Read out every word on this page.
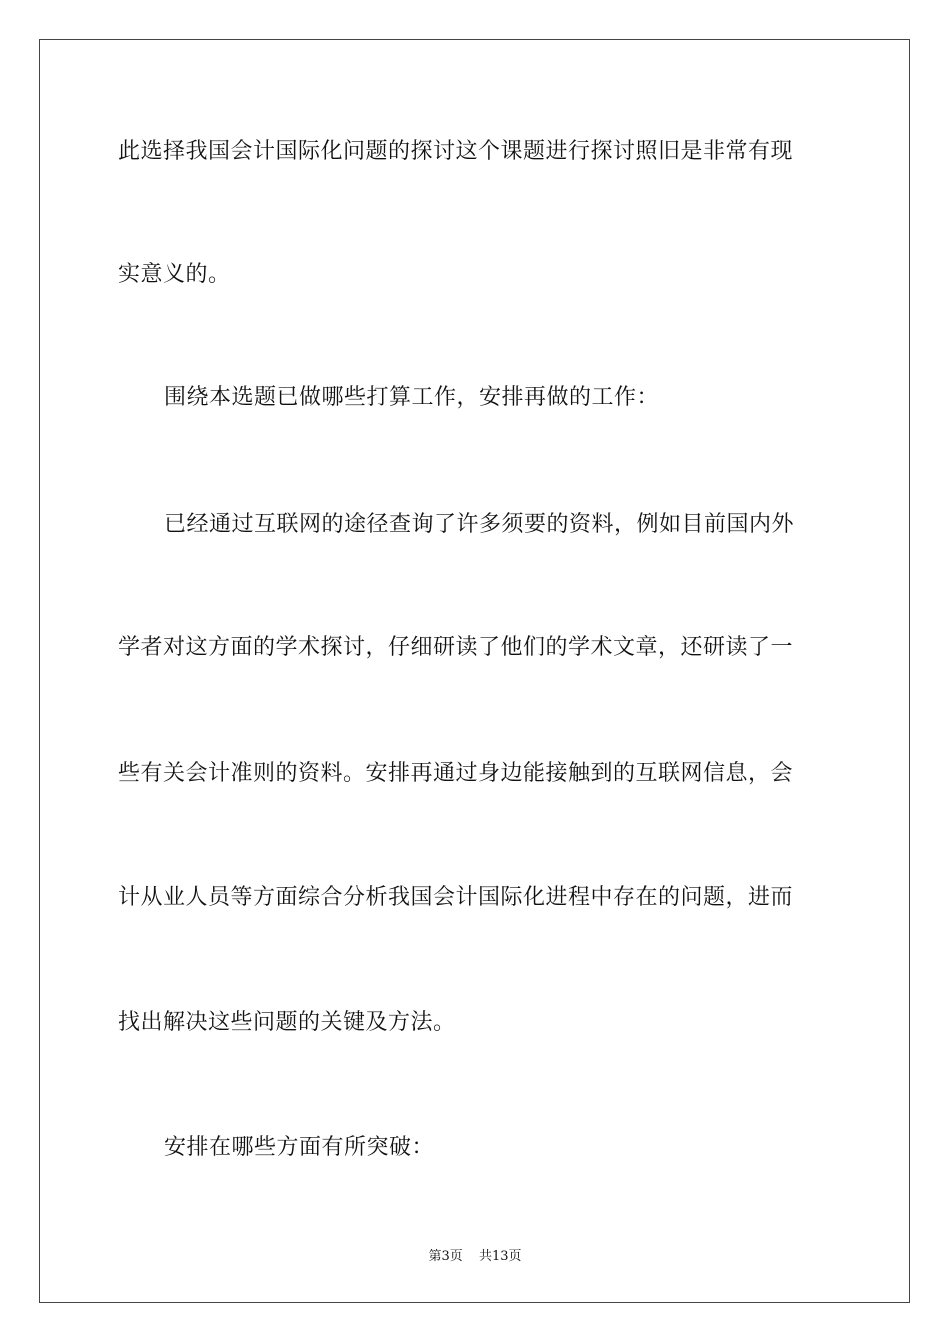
此选择我国会计国际化问题的探讨这个课题进行探讨照旧是非常有现
实意义的。
围绕本选题已做哪些打算工作，安排再做的工作：
已经通过互联网的途径查询了许多须要的资料，例如目前国内外
学者对这方面的学术探讨，仔细研读了他们的学术文章，还研读了一
些有关会计准则的资料。安排再通过身边能接触到的互联网信息，会
计从业人员等方面综合分析我国会计国际化进程中存在的问题，进而
找出解决这些问题的关键及方法。
安排在哪些方面有所突破：
第3页 共13页
